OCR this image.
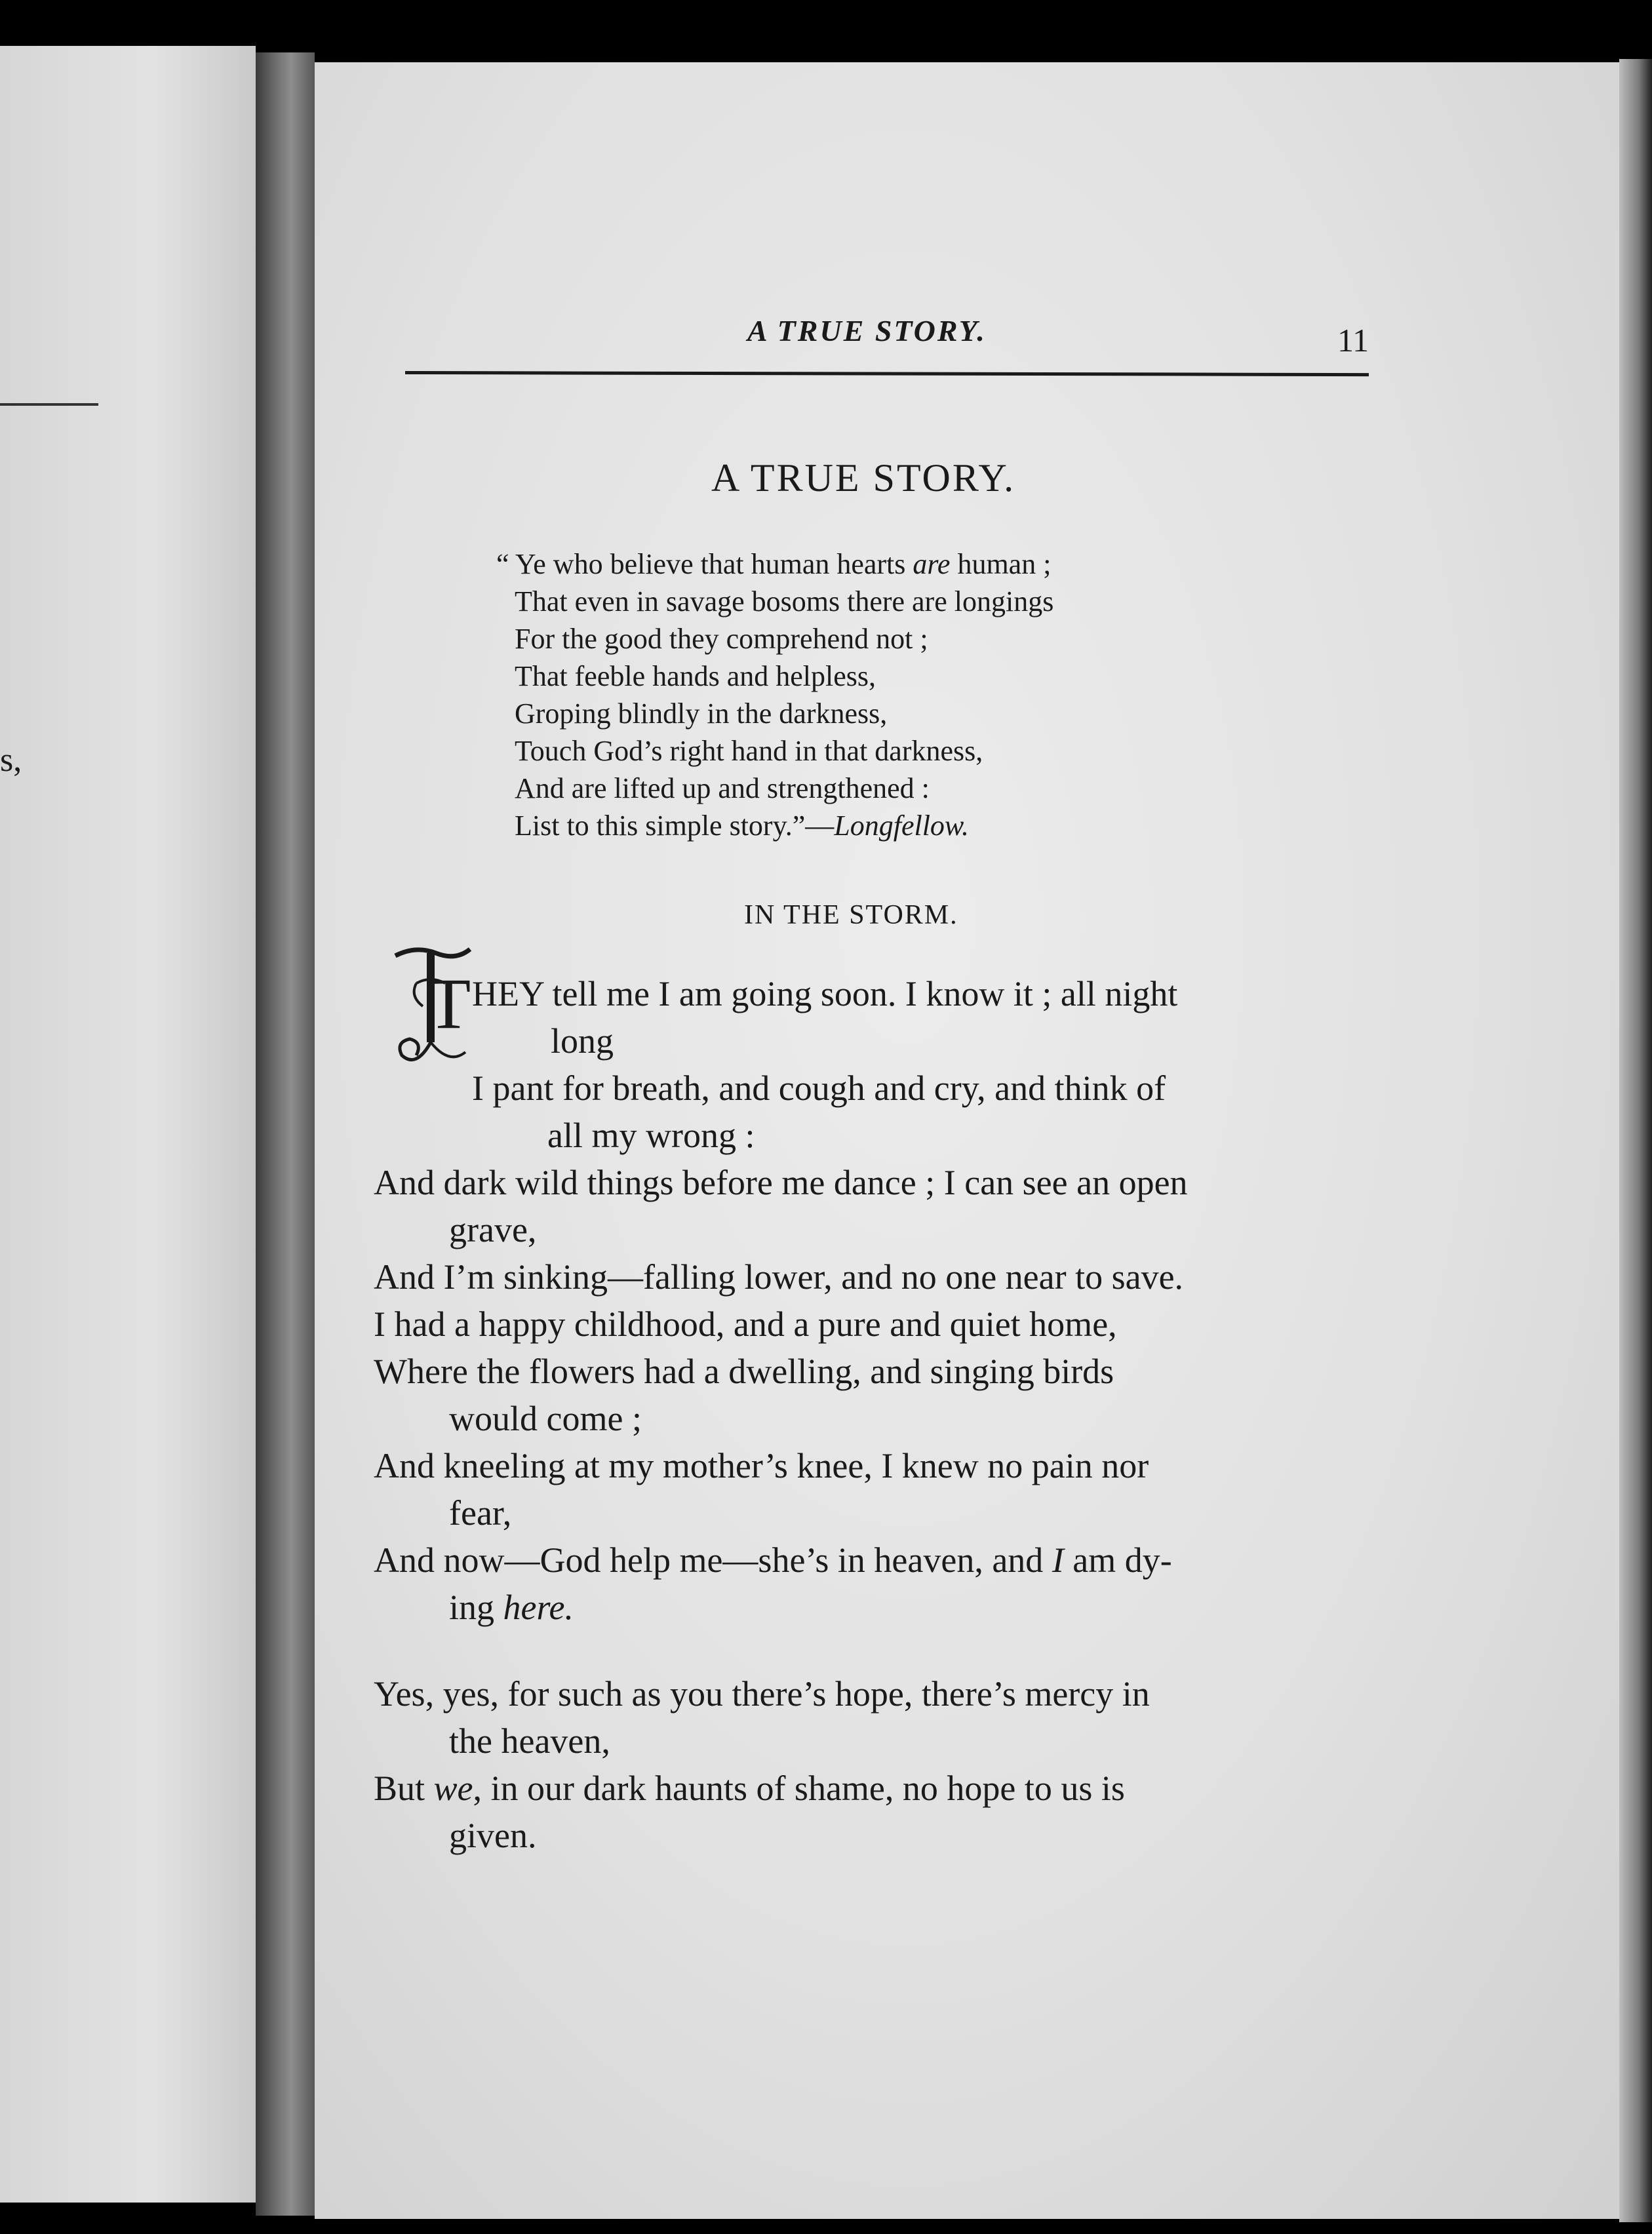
s,
A TRUE STORY.	11
A TRUE STORY.
“ Ye who believe that human hearts are human ;
That even in savage bosoms there are longings
For the good they comprehend not ;
That feeble hands and helpless,
Groping blindly in the darkness,
Touch God’s right hand in that darkness,
And are lifted up and strengthened :
List to this simple story.”—Longfellow.
IN THE STORM.
T HEY tell me I am going soon. I know it ; all night
long
I pant for breath, and cough and cry, and think of
all my wrong :
And dark wild things before me dance ; I can see an open
grave,
And I’m sinking—falling lower, and no one near to save.
I had a happy childhood, and a pure and quiet home,
Where the flowers had a dwelling, and singing birds
would come ;
And kneeling at my mother’s knee, I knew no pain nor
fear,
And now—God help me—she’s in heaven, and I am dy-
ing here.
Yes, yes, for such as you there’s hope, there’s mercy in
the heaven,
But we, in our dark haunts of shame, no hope to us is
given.
